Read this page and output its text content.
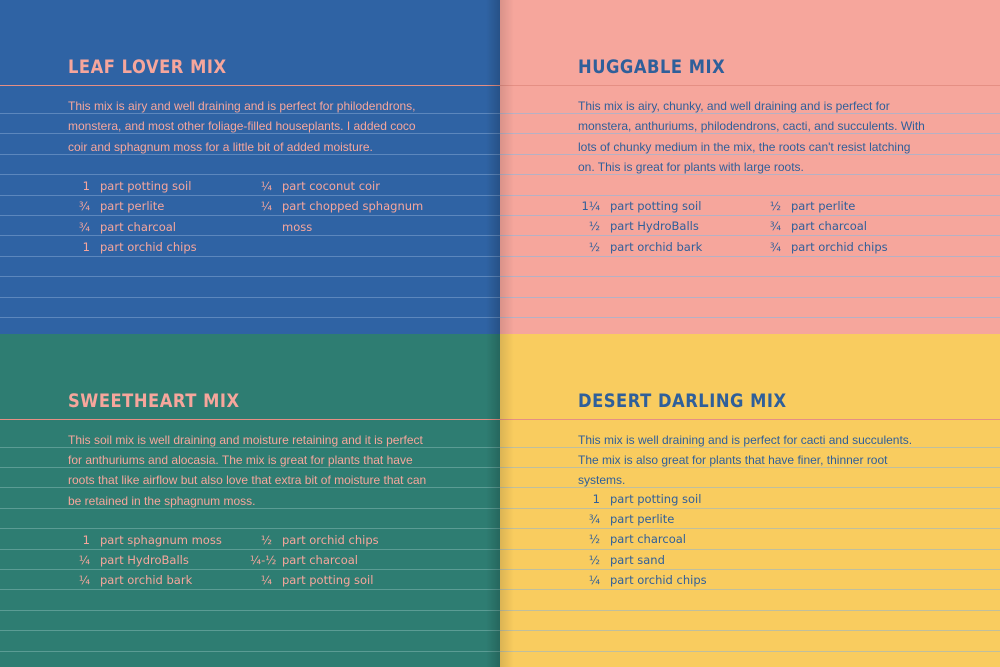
LEAF LOVER MIX

This mix is airy and well draining and is perfect for philodendrons, monstera, and most other foliage-filled houseplants. I added coco coir and sphagnum moss for a little bit of added moisture.

1 part potting soil
¾ part perlite
¾ part charcoal
1 part orchid chips
¼ part coconut coir
¼ part chopped sphagnum
moss
HUGGABLE MIX

This mix is airy, chunky, and well draining and is perfect for monstera, anthuriums, philodendrons, cacti, and succulents. With lots of chunky medium in the mix, the roots can't resist latching on. This is great for plants with large roots.

1¼ part potting soil
½ part HydroBalls
½ part orchid bark
½ part perlite
¾ part charcoal
¾ part orchid chips
SWEETHEART MIX

This soil mix is well draining and moisture retaining and it is perfect for anthuriums and alocasia. The mix is great for plants that have roots that like airflow but also love that extra bit of moisture that can be retained in the sphagnum moss.

1 part sphagnum moss
¼ part HydroBalls
¼ part orchid bark
½ part orchid chips
¼-½ part charcoal
¼ part potting soil
DESERT DARLING MIX

This mix is well draining and is perfect for cacti and succulents. The mix is also great for plants that have finer, thinner root systems.

1 part potting soil
¾ part perlite
½ part charcoal
½ part sand
¼ part orchid chips
